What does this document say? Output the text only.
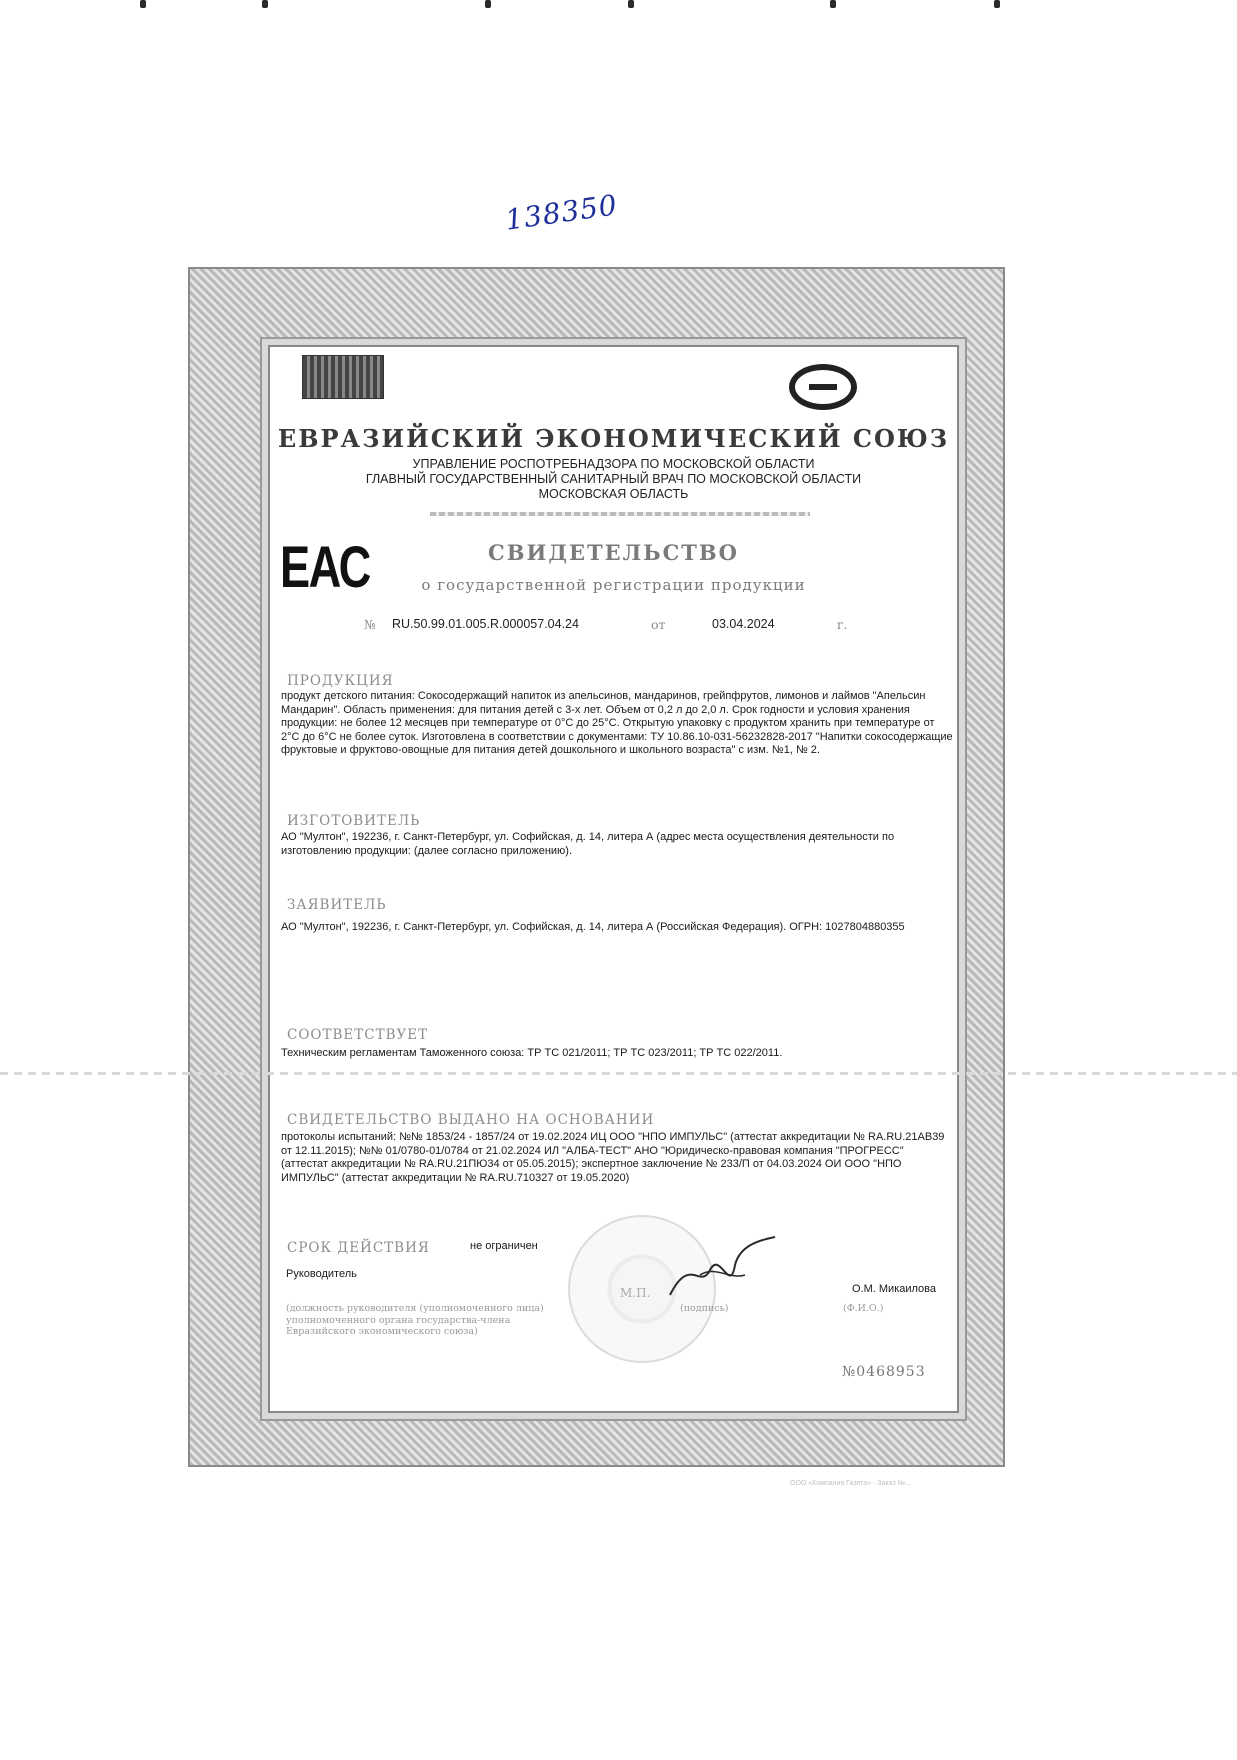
138350
ЕВРАЗИЙСКИЙ ЭКОНОМИЧЕСКИЙ СОЮЗ
УПРАВЛЕНИЕ РОСПОТРЕБНАДЗОРА ПО МОСКОВСКОЙ ОБЛАСТИ
ГЛАВНЫЙ ГОСУДАРСТВЕННЫЙ САНИТАРНЫЙ ВРАЧ ПО МОСКОВСКОЙ ОБЛАСТИ
МОСКОВСКАЯ ОБЛАСТЬ
ЕАС	СВИДЕТЕЛЬСТВО
о государственной регистрации продукции
№ RU.50.99.01.005.R.000057.04.24	от	03.04.2024	г.
ПРОДУКЦИЯ
продукт детского питания: Сокосодержащий напиток из апельсинов, мандаринов, грейпфрутов, лимонов и лаймов "Апельсин Мандарин". Область применения: для питания детей с 3-х лет. Объем от 0,2 л до 2,0 л. Срок годности и условия хранения продукции: не более 12 месяцев при температуре от 0°С до 25°С. Открытую упаковку с продуктом хранить при температуре от 2°С до 6°С не более суток. Изготовлена в соответствии с документами: ТУ 10.86.10-031-56232828-2017 "Напитки сокосодержащие фруктовые и фруктово-овощные для питания детей дошкольного и школьного возраста" с изм. №1, № 2.
ИЗГОТОВИТЕЛЬ
АО "Мултон", 192236, г. Санкт-Петербург, ул. Софийская, д. 14, литера А (адрес места осуществления деятельности по изготовлению продукции: (далее согласно приложению).
ЗАЯВИТЕЛЬ
АО "Мултон", 192236, г. Санкт-Петербург, ул. Софийская, д. 14, литера А (Российская Федерация). ОГРН: 1027804880355
СООТВЕТСТВУЕТ
Техническим регламентам Таможенного союза: ТР ТС 021/2011; ТР ТС 023/2011; ТР ТС 022/2011.
СВИДЕТЕЛЬСТВО ВЫДАНО НА ОСНОВАНИИ
протоколы испытаний: №№ 1853/24 - 1857/24 от 19.02.2024 ИЦ ООО "НПО ИМПУЛЬС" (аттестат аккредитации № RA.RU.21АВ39 от 12.11.2015); №№ 01/0780-01/0784 от 21.02.2024 ИЛ "АЛБА-ТЕСТ" АНО "Юридическо-правовая компания "ПРОГРЕСС" (аттестат аккредитации № RA.RU.21ПЮ34 от 05.05.2015); экспертное заключение № 233/П от 04.03.2024 ОИ ООО "НПО ИМПУЛЬС" (аттестат аккредитации № RA.RU.710327 от 19.05.2020)
СРОК ДЕЙСТВИЯ	не ограничен
М.П.
Руководитель
О.М. Микаилова
(должность руководителя (уполномоченного лица) уполномоченного органа государства-члена Евразийского экономического союза)
(подпись)	(Ф.И.О.)
№0468953
ООО «Компания Газета» · Заказ №...
